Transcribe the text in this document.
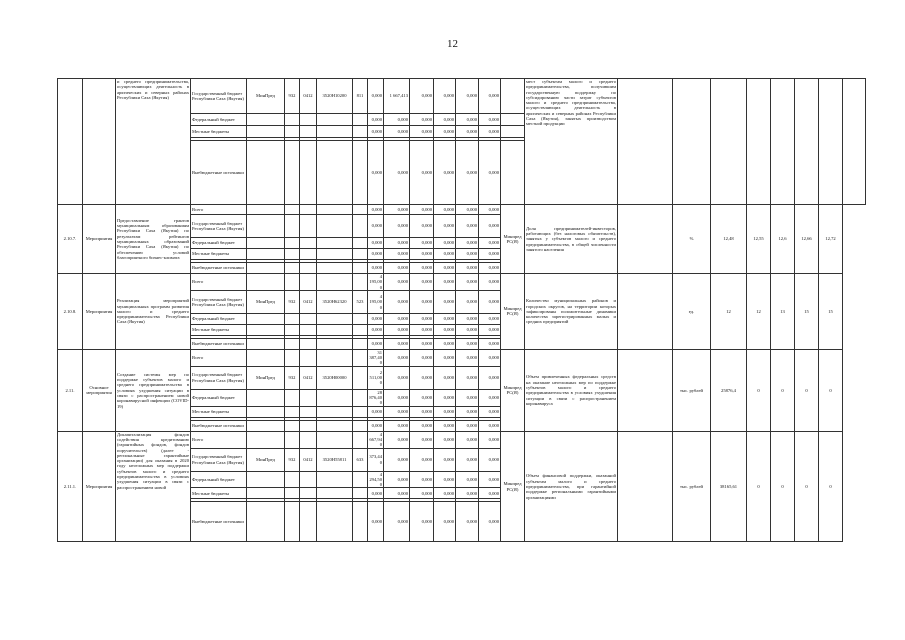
12
		и среднего предпринимательства, осуществляющих деятельность в арктических и северных районах Республики Саха (Якутия)	Государственный бюджет Республики Саха (Якутия)	МинПред	932	0412	3520Н10200	811	0,000	1 667,413	0,000	0,000	0,000	0,000		мест субъектам малого и среднего предпринимательства, получившим государственную поддержку по субсидированию части затрат субъектов малого и среднего предпринимательства, осуществляющих деятельность в арктических и северных районах Республики Саха (Якутия), занятых производством местной продукции								
			Федеральный бюджет						0,000	0,000	0,000	0,000	0,000	0,000										
			Местные бюджеты						0,000	0,000	0,000	0,000	0,000	0,000										

			Внебюджетные источники						0,000	0,000	0,000	0,000	0,000	0,000										
2.10.7.	Мероприятия	Предоставление грантов муниципальным образованиям Республики Саха (Якутия) по результатам рейтингов муниципальных образований Республики Саха (Якутия) по обеспечению условий благоприятного бизнес-климата	Всего						0,000	0,000	0,000	0,000	0,000	0,000	Минпред РС(Я)	Доля предпринимателей-инвесторов, работающих (без налоговых обязательств), занятых у субъектов малого и среднего предпринимательства, в общей численности занятого населения		%	12,48	12,55	12,6	12,66	12,72	
			Государственный бюджет Республики Саха (Якутия)						0,000	0,000	0,000	0,000	0,000	0,000										
			Федеральный бюджет						0,000	0,000	0,000	0,000	0,000	0,000										
			Местные бюджеты						0,000	0,000	0,000	0,000	0,000	0,000										

			Внебюджетные источники						0,000	0,000	0,000	0,000	0,000	0,000										
2.10.8.	Мероприятия	Реализация мероприятий муниципальных программ развития малого и среднего предпринимательства Республики Саха (Якутия)	Всего						4 195,000	0,000	0,000	0,000	0,000	0,000	Минпред РС(Я)	Количество муниципальных районов и городских округов, на территории которых зафиксированы положительные динамики количества зарегистрированных малых и средних предприятий		ед.	12	12	13	15	15	
			Государственный бюджет Республики Саха (Якутия)	МинПред	932	0412	3520Н62320	523	4 195,000	0,000	0,000	0,000	0,000	0,000										
			Федеральный бюджет						0,000	0,000	0,000	0,000	0,000	0,000										
			Местные бюджеты						0,000	0,000	0,000	0,000	0,000	0,000										

			Внебюджетные источники						0,000	0,000	0,000	0,000	0,000	0,000										
2.11.	Основное мероприятия	Создание системы мер по поддержке субъектов малого и среднего предпринимательства в условиях ухудшения ситуации в связи с распространением новой коронавирусной инфекции (COVID-19)	Всего						31 387,400	0,000	0,000	0,000	0,000	0,000	Минпред РС(Я)	Объем привлеченных федеральных средств на оказание неотложных мер по поддержке субъектов малого и среднего предпринимательства в условиях ухудшения ситуации в связи с распространением коронавируса		тыс. рублей	25876,4	0	0	0	0	
			Государственный бюджет Республики Саха (Якутия)	МинПред	932	0412	3520Н00000		2 511,000	0,000	0,000	0,000	0,000	0,000										
			Федеральный бюджет						28 876,400	0,000	0,000	0,000	0,000	0,000										
			Местные бюджеты						0,000	0,000	0,000	0,000	0,000	0,000										

			Внебюджетные источники						0,000	0,000	0,000	0,000	0,000	0,000										
2.11.1.	Мероприятия	Докапитализация фондов содействия кредитованию (гарантийных фондов, фондов поручительств) (далее - региональные гарантийные организации) для оказания в 2020 году неотложных мер поддержки субъектов малого и среднего предпринимательства в условиях ухудшения ситуации в связи с распространением новой	Всего						4 667,940	0,000	0,000	0,000	0,000	0,000	Минпред РС(Я)	Объем финансовой поддержки, оказанной субъектам малого и среднего предпринимательства, при гарантийной поддержке региональными гарантийными организациями		тыс. рублей	38165,61	0	0	0	0	
			Государственный бюджет Республики Саха (Якутия)	МинПред	932	0412	3520Н55811	633	373,440	0,000	0,000	0,000	0,000	0,000										
			Федеральный бюджет						4 294,500	0,000	0,000	0,000	0,000	0,000										
			Местные бюджеты						0,000	0,000	0,000	0,000	0,000	0,000										

			Внебюджетные источники						0,000	0,000	0,000	0,000	0,000	0,000										
